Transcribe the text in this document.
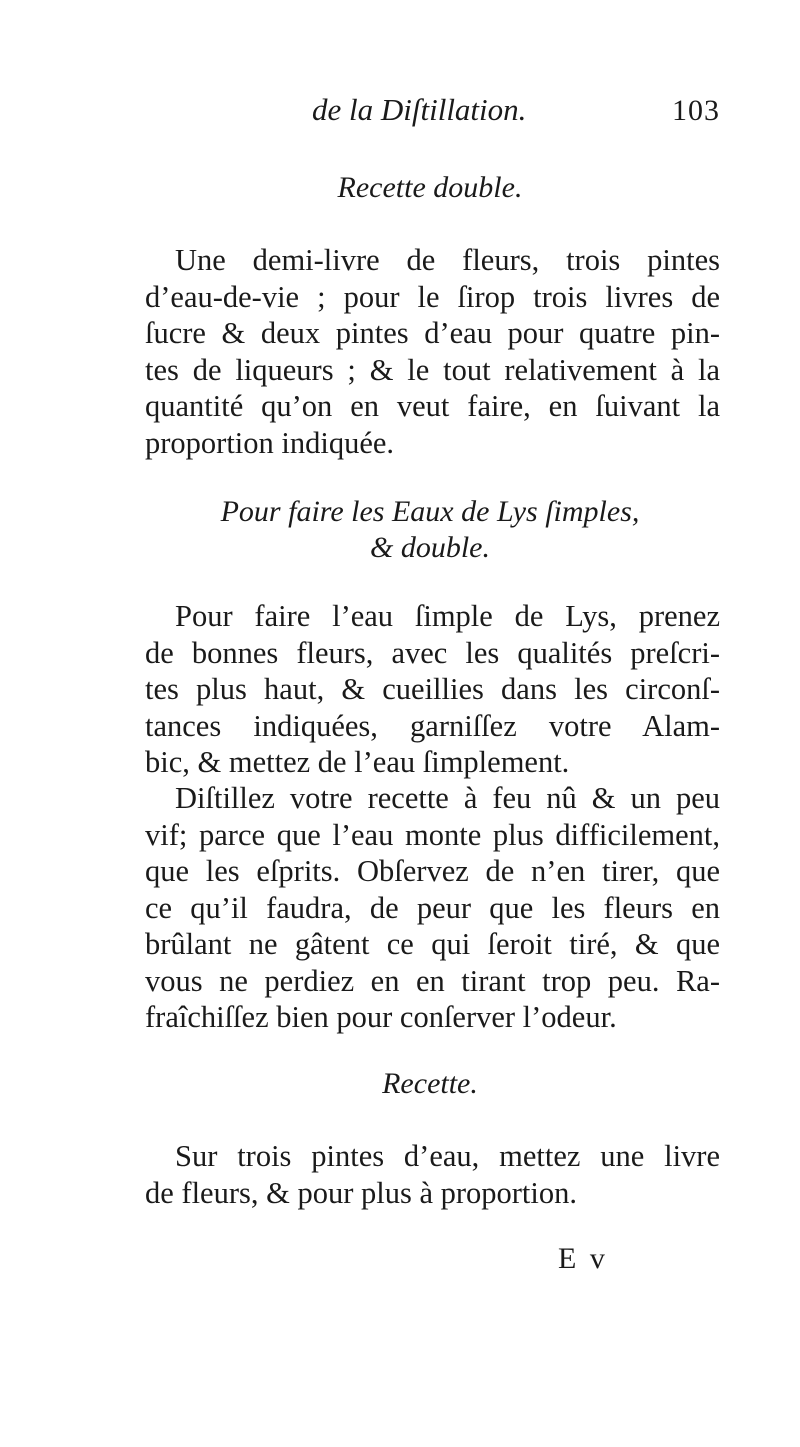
de la Diſtillation.	103
Recette double.
Une demi-livre de fleurs, trois pintes
d’eau-de-vie ; pour le ſirop trois livres de
ſucre & deux pintes d’eau pour quatre pin-
tes de liqueurs ; & le tout relativement à la
quantité qu’on en veut faire, en ſuivant la
proportion indiquée.
Pour faire les Eaux de Lys ſimples,
& double.
Pour faire l’eau ſimple de Lys, prenez
de bonnes fleurs, avec les qualités preſcri-
tes plus haut, & cueillies dans les circonſ-
tances indiquées, garniſſez votre Alam-
bic, & mettez de l’eau ſimplement.
Diſtillez votre recette à feu nû & un peu
vif; parce que l’eau monte plus difficilement,
que les eſprits. Obſervez de n’en tirer, que
ce qu’il faudra, de peur que les fleurs en
brûlant ne gâtent ce qui ſeroit tiré, & que
vous ne perdiez en en tirant trop peu. Ra-
fraîchiſſez bien pour conſerver l’odeur.
Recette.
Sur trois pintes d’eau, mettez une livre
de fleurs, & pour plus à proportion.
E v
